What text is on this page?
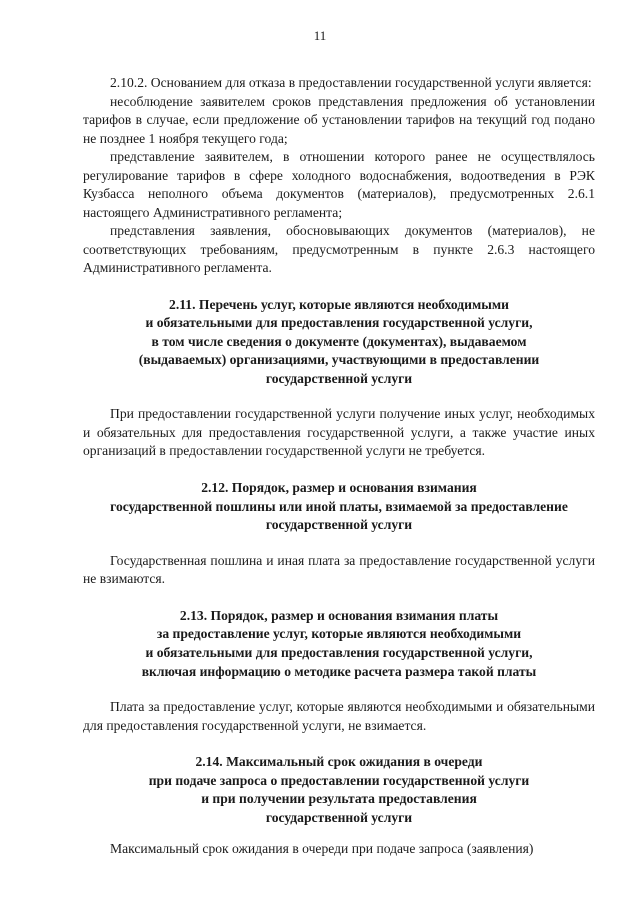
11

2.10.2. Основанием для отказа в предоставлении государственной услуги является:

несоблюдение заявителем сроков представления предложения об установлении тарифов в случае, если предложение об установлении тарифов на текущий год подано не позднее 1 ноября текущего года;

представление заявителем, в отношении которого ранее не осуществлялось регулирование тарифов в сфере холодного водоснабжения, водоотведения в РЭК Кузбасса неполного объема документов (материалов), предусмотренных 2.6.1 настоящего Административного регламента;

представления заявления, обосновывающих документов (материалов), не соответствующих требованиям, предусмотренным в пункте 2.6.3 настоящего Административного регламента.

2.11. Перечень услуг, которые являются необходимыми
и обязательными для предоставления государственной услуги,
в том числе сведения о документе (документах), выдаваемом
(выдаваемых) организациями, участвующими в предоставлении
государственной услуги

При предоставлении государственной услуги получение иных услуг, необходимых и обязательных для предоставления государственной услуги, а также участие иных организаций в предоставлении государственной услуги не требуется.

2.12. Порядок, размер и основания взимания
государственной пошлины или иной платы, взимаемой за предоставление
государственной услуги

Государственная пошлина и иная плата за предоставление государственной услуги не взимаются.

2.13. Порядок, размер и основания взимания платы
за предоставление услуг, которые являются необходимыми
и обязательными для предоставления государственной услуги,
включая информацию о методике расчета размера такой платы

Плата за предоставление услуг, которые являются необходимыми и обязательными для предоставления государственной услуги, не взимается.

2.14. Максимальный срок ожидания в очереди
при подаче запроса о предоставлении государственной услуги
и при получении результата предоставления
государственной услуги

Максимальный срок ожидания в очереди при подаче запроса (заявления)
